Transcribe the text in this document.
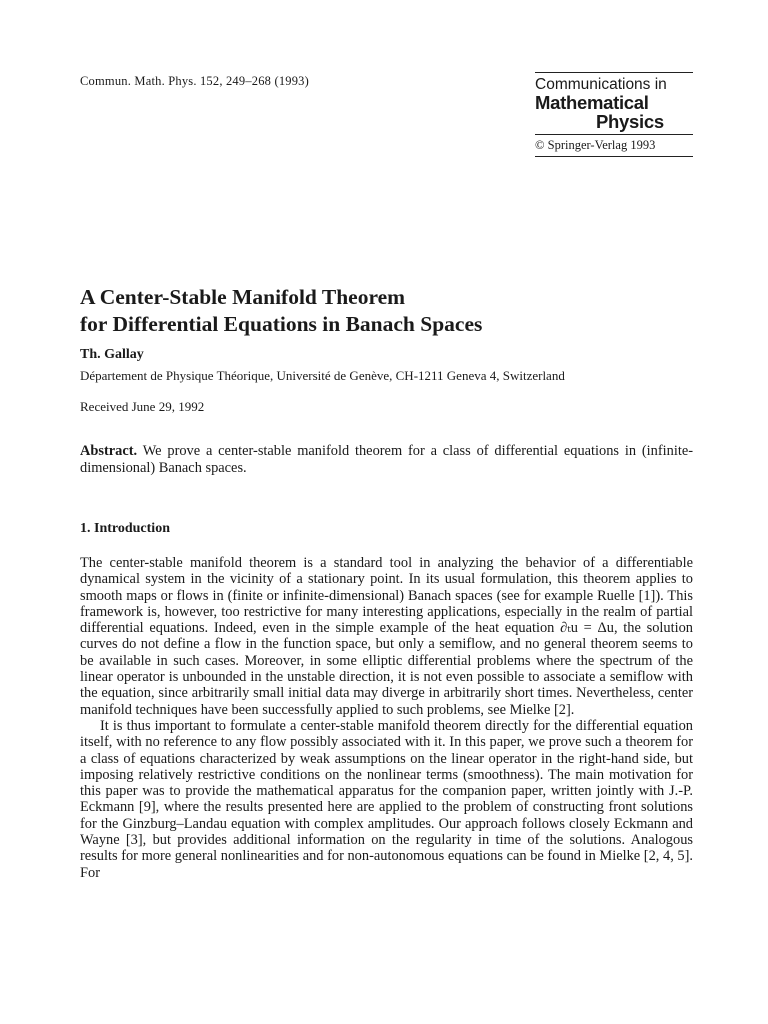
Commun. Math. Phys. 152, 249–268 (1993)	Communications in
Mathematical
Physics
© Springer-Verlag 1993
A Center-Stable Manifold Theorem
for Differential Equations in Banach Spaces
Th. Gallay
Département de Physique Théorique, Université de Genève, CH-1211 Geneva 4, Switzerland
Received June 29, 1992

Abstract. We prove a center-stable manifold theorem for a class of differential equations in (infinite-dimensional) Banach spaces.

1. Introduction

The center-stable manifold theorem is a standard tool in analyzing the behavior of a differentiable dynamical system in the vicinity of a stationary point. In its usual formulation, this theorem applies to smooth maps or flows in (finite or infinite-dimensional) Banach spaces (see for example Ruelle [1]). This framework is, however, too restrictive for many interesting applications, especially in the realm of partial differential equations. Indeed, even in the simple example of the heat equation ∂ₜu = Δu, the solution curves do not define a flow in the function space, but only a semiflow, and no general theorem seems to be available in such cases. Moreover, in some elliptic differential problems where the spectrum of the linear operator is unbounded in the unstable direction, it is not even possible to associate a semiflow with the equation, since arbitrarily small initial data may diverge in arbitrarily short times. Nevertheless, center manifold techniques have been successfully applied to such problems, see Mielke [2].

It is thus important to formulate a center-stable manifold theorem directly for the differential equation itself, with no reference to any flow possibly associated with it. In this paper, we prove such a theorem for a class of equations characterized by weak assumptions on the linear operator in the right-hand side, but imposing relatively restrictive conditions on the nonlinear terms (smoothness). The main motivation for this paper was to provide the mathematical apparatus for the companion paper, written jointly with J.-P. Eckmann [9], where the results presented here are applied to the problem of constructing front solutions for the Ginzburg–Landau equation with complex amplitudes. Our approach follows closely Eckmann and Wayne [3], but provides additional information on the regularity in time of the solutions. Analogous results for more general nonlinearities and for non-autonomous equations can be found in Mielke [2, 4, 5]. For
